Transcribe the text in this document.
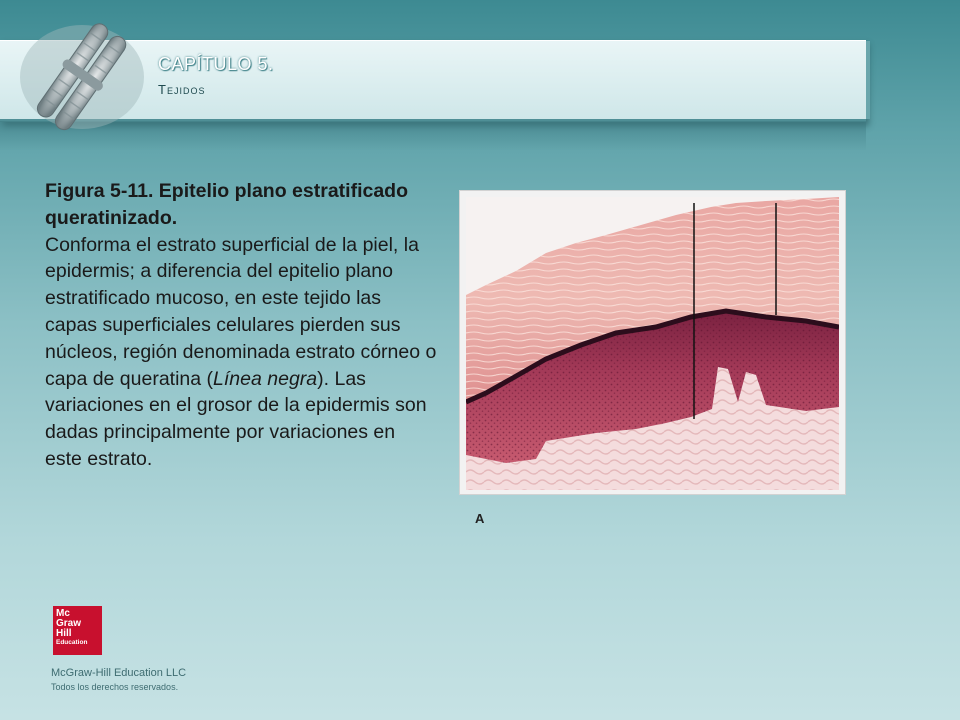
CAPÍTULO 5.
Tejidos
Figura 5-11. Epitelio plano estratificado queratinizado.
Conforma el estrato superficial de la piel, la epidermis; a diferencia del epitelio plano estratificado mucoso, en este tejido las capas superficiales celulares pierden sus núcleos, región denominada estrato córneo o capa de queratina (Línea negra). Las variaciones en el grosor de la epidermis son dadas principalmente por variaciones en este estrato.
A
Mc
Graw
Hill
Education
McGraw-Hill Education LLC
Todos los derechos reservados.
